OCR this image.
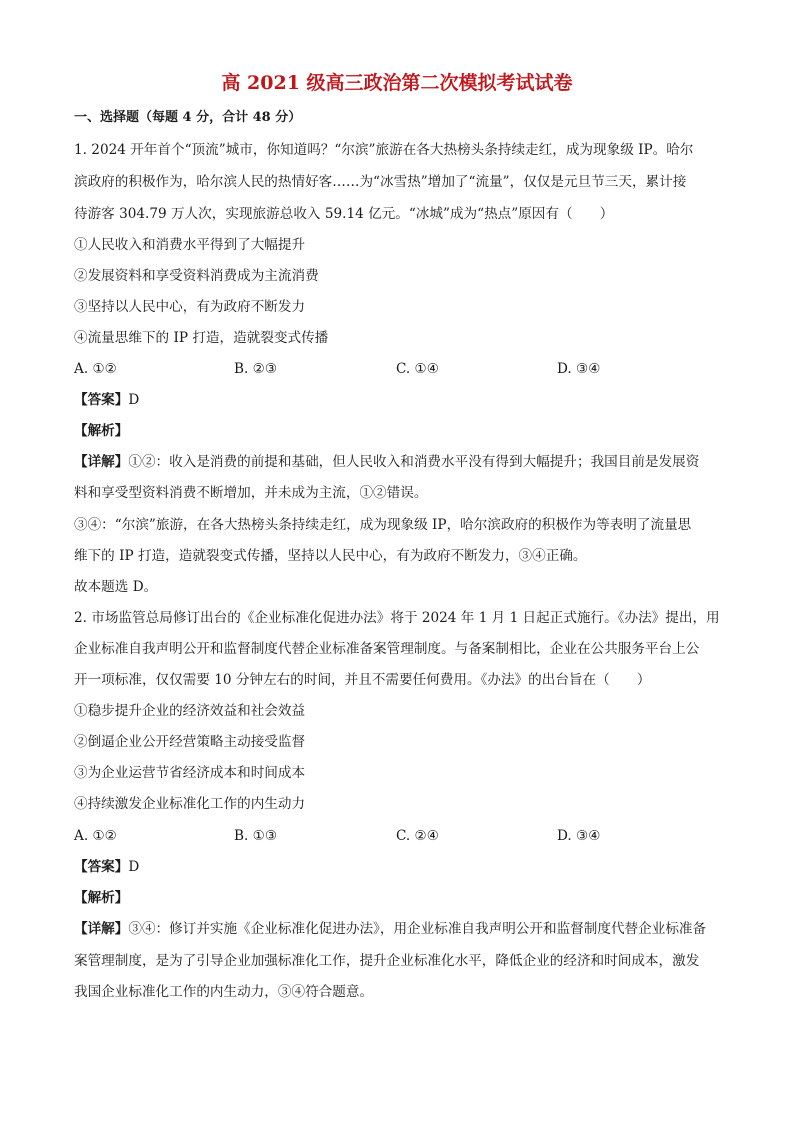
高 2021 级高三政治第二次模拟考试试卷
一、选择题（每题 4 分，合计 48 分）
1. 2024 开年首个“顶流”城市，你知道吗？“尔滨”旅游在各大热榜头条持续走红，成为现象级 IP。哈尔
滨政府的积极作为，哈尔滨人民的热情好客……为“冰雪热”增加了“流量”，仅仅是元旦节三天，累计接
待游客 304.79 万人次，实现旅游总收入 59.14 亿元。“冰城”成为“热点”原因有（　　）
①人民收入和消费水平得到了大幅提升
②发展资料和享受资料消费成为主流消费
③坚持以人民中心，有为政府不断发力
④流量思维下的 IP 打造，造就裂变式传播
A. ①②	B. ②③	C. ①④	D. ③④
【答案】D
【解析】
【详解】①②：收入是消费的前提和基础，但人民收入和消费水平没有得到大幅提升；我国目前是发展资
料和享受型资料消费不断增加，并未成为主流，①②错误。
③④：“尔滨”旅游，在各大热榜头条持续走红，成为现象级 IP，哈尔滨政府的积极作为等表明了流量思
维下的 IP 打造，造就裂变式传播，坚持以人民中心，有为政府不断发力，③④正确。
故本题选 D。
2. 市场监管总局修订出台的《企业标准化促进办法》将于 2024 年 1 月 1 日起正式施行。《办法》提出，用
企业标准自我声明公开和监督制度代替企业标准备案管理制度。与备案制相比，企业在公共服务平台上公
开一项标准，仅仅需要 10 分钟左右的时间，并且不需要任何费用。《办法》的出台旨在（　　）
①稳步提升企业的经济效益和社会效益
②倒逼企业公开经营策略主动接受监督
③为企业运营节省经济成本和时间成本
④持续激发企业标准化工作的内生动力
A. ①②	B. ①③	C. ②④	D. ③④
【答案】D
【解析】
【详解】③④：修订并实施《企业标准化促进办法》，用企业标准自我声明公开和监督制度代替企业标准备
案管理制度，是为了引导企业加强标准化工作，提升企业标准化水平，降低企业的经济和时间成本，激发
我国企业标准化工作的内生动力，③④符合题意。
